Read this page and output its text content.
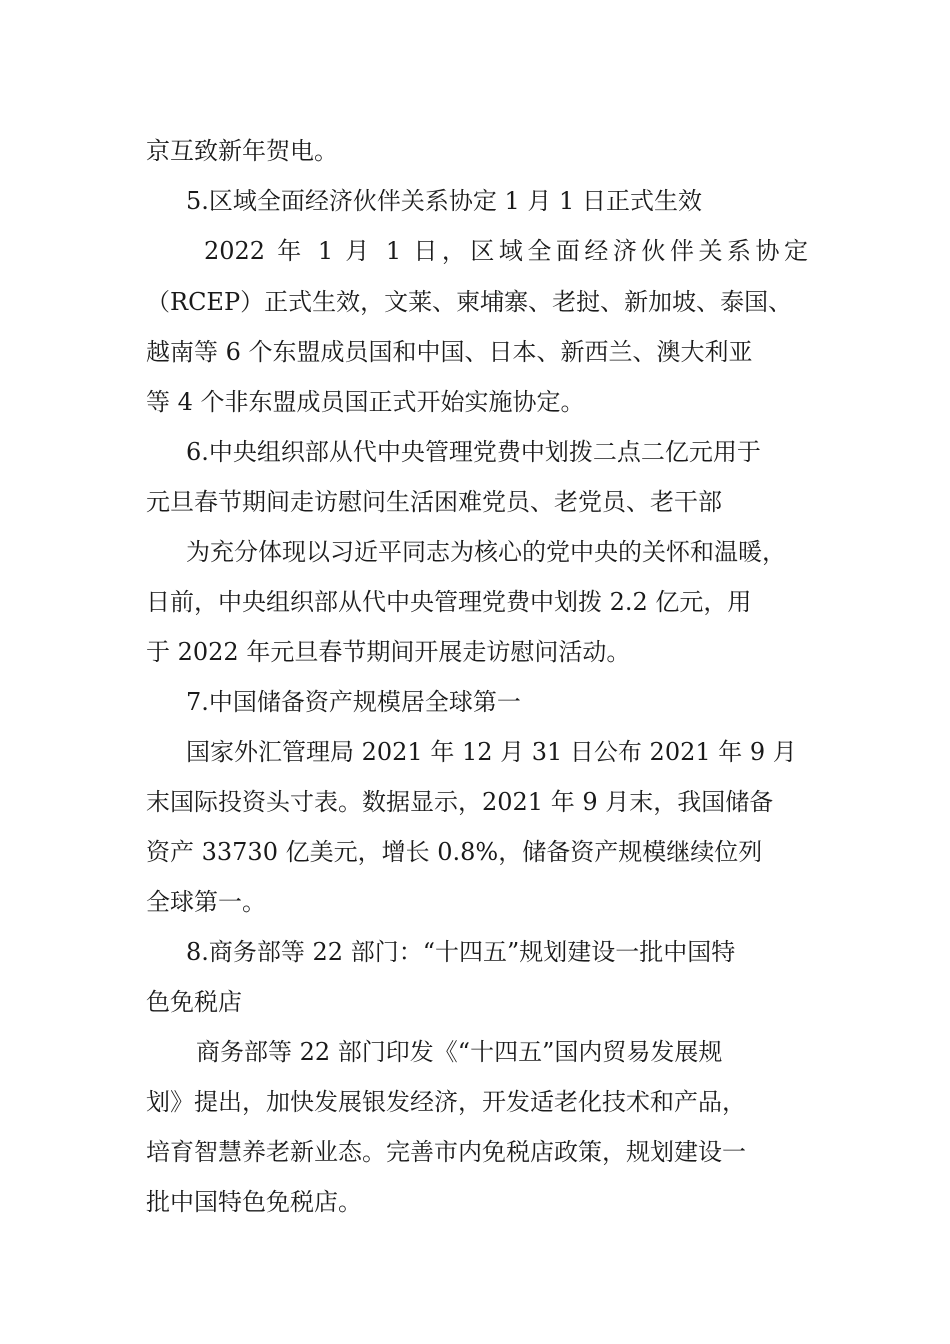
京互致新年贺电。
5.区域全面经济伙伴关系协定 1 月 1 日正式生效
2022 年 1 月 1 日，区域全面经济伙伴关系协定
（RCEP）正式生效，文莱、柬埔寨、老挝、新加坡、泰国、
越南等 6 个东盟成员国和中国、日本、新西兰、澳大利亚
等 4 个非东盟成员国正式开始实施协定。
6.中央组织部从代中央管理党费中划拨二点二亿元用于
元旦春节期间走访慰问生活困难党员、老党员、老干部
为充分体现以习近平同志为核心的党中央的关怀和温暖，
日前，中央组织部从代中央管理党费中划拨 2.2 亿元，用
于 2022 年元旦春节期间开展走访慰问活动。
7.中国储备资产规模居全球第一
国家外汇管理局 2021 年 12 月 31 日公布 2021 年 9 月
末国际投资头寸表。数据显示，2021 年 9 月末，我国储备
资产 33730 亿美元，增长 0.8%，储备资产规模继续位列
全球第一。
8.商务部等 22 部门：“十四五”规划建设一批中国特
色免税店
商务部等 22 部门印发《“十四五”国内贸易发展规
划》提出，加快发展银发经济，开发适老化技术和产品，
培育智慧养老新业态。完善市内免税店政策，规划建设一
批中国特色免税店。
